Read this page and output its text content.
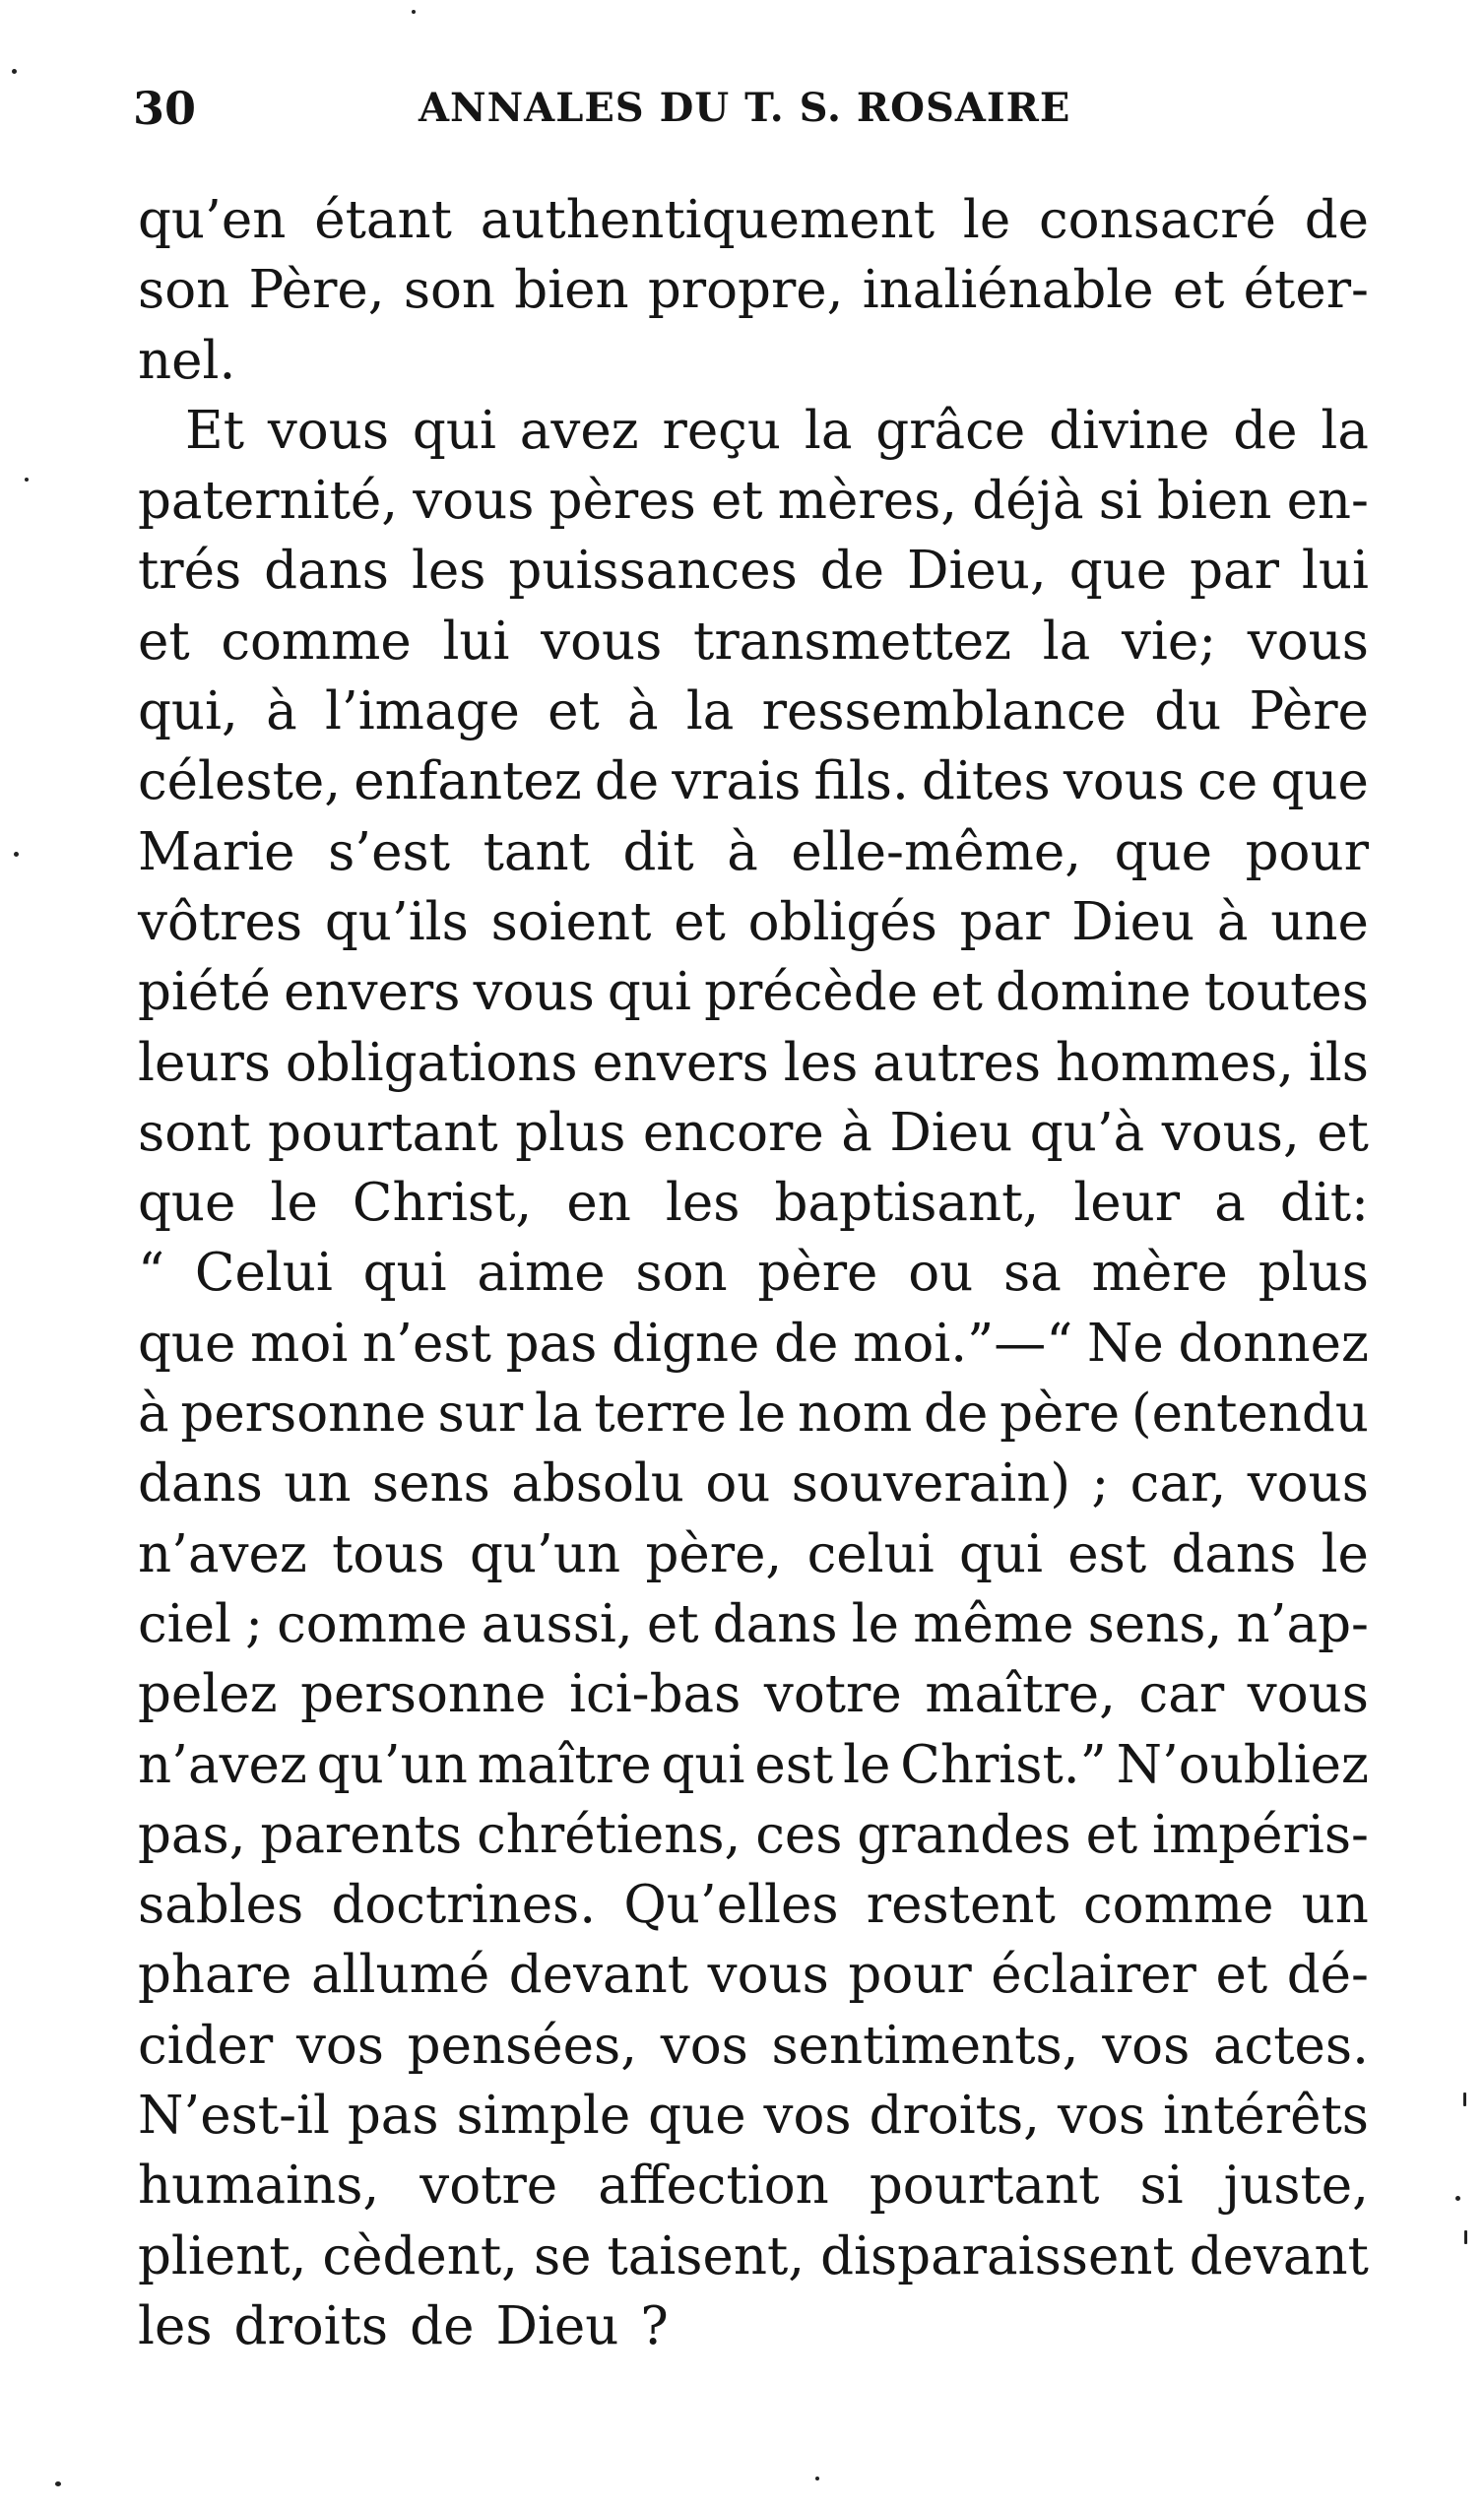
30	ANNALES DU T. S. ROSAIRE
qu’en étant authentiquement le consacré de
son Père, son bien propre, inaliénable et éter-
nel.
Et vous qui avez reçu la grâce divine de la
paternité, vous pères et mères, déjà si bien en-
trés dans les puissances de Dieu, que par lui
et comme lui vous transmettez la vie; vous
qui, à l’image et à la ressemblance du Père
céleste, enfantez de vrais fils. dites vous ce que
Marie s’est tant dit à elle-même, que pour
vôtres qu’ils soient et obligés par Dieu à une
piété envers vous qui précède et domine toutes
leurs obligations envers les autres hommes, ils
sont pourtant plus encore à Dieu qu’à vous, et
que le Christ, en les baptisant, leur a dit:
“ Celui qui aime son père ou sa mère plus
que moi n’est pas digne de moi.”—“ Ne donnez
à personne sur la terre le nom de père (entendu
dans un sens absolu ou souverain) ; car, vous
n’avez tous qu’un père, celui qui est dans le
ciel ; comme aussi, et dans le même sens, n’ap-
pelez personne ici-bas votre maître, car vous
n’avez qu’un maître qui est le Christ.” N’oubliez
pas, parents chrétiens, ces grandes et impéris-
sables doctrines. Qu’elles restent comme un
phare allumé devant vous pour éclairer et dé-
cider vos pensées, vos sentiments, vos actes.
N’est-il pas simple que vos droits, vos intérêts
humains, votre affection pourtant si juste,
plient, cèdent, se taisent, disparaissent devant
les droits de Dieu ?
